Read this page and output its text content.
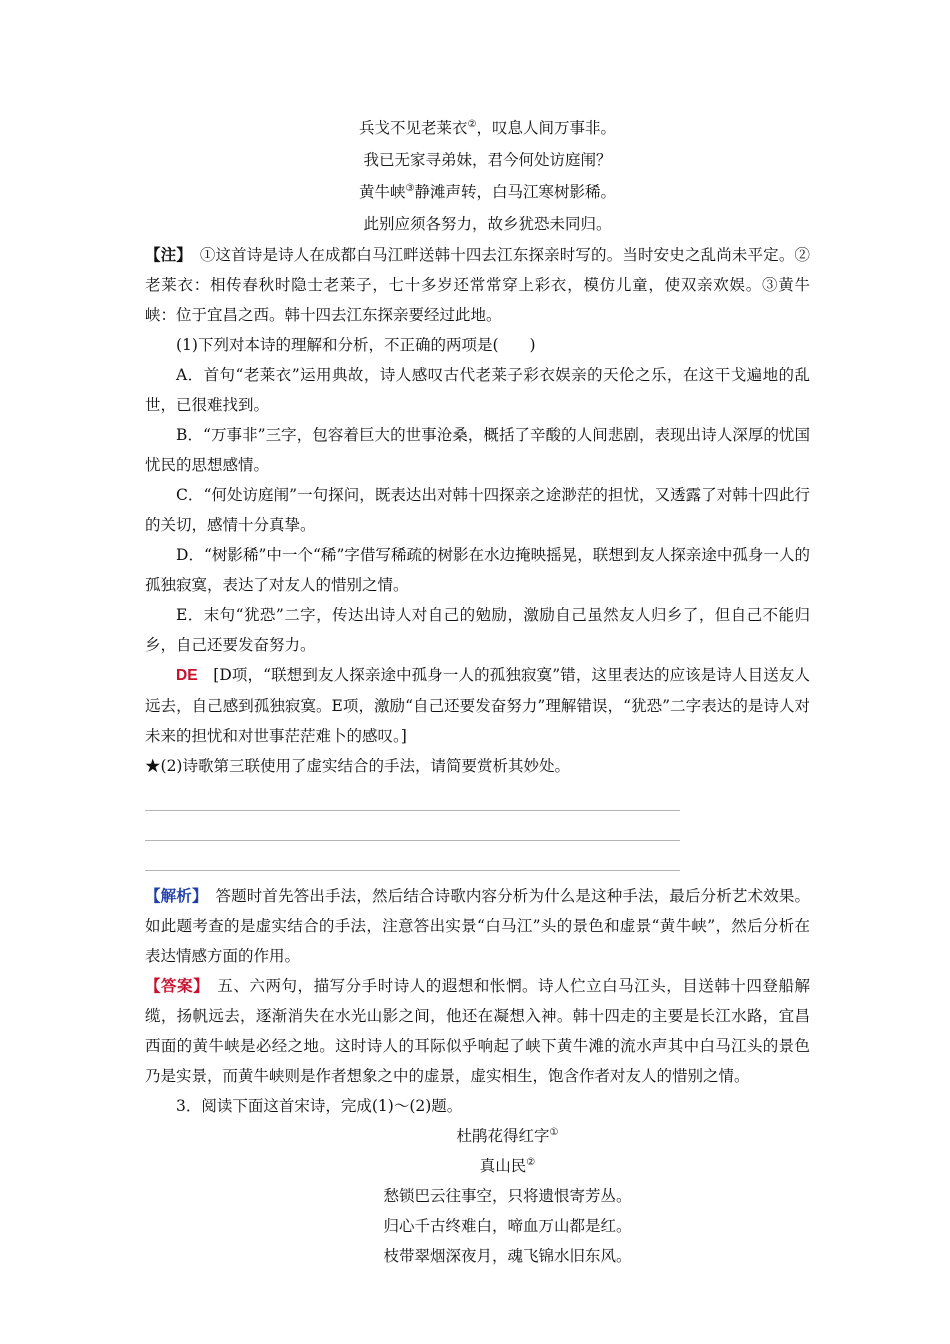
兵戈不见老莱衣②，叹息人间万事非。
我已无家寻弟妹，君今何处访庭闱？
黄牛峡③静滩声转，白马江寒树影稀。
此别应须各努力，故乡犹恐未同归。

【注】　①这首诗是诗人在成都白马江畔送韩十四去江东探亲时写的。当时安史之乱尚未平定。②老莱衣：相传春秋时隐士老莱子，七十多岁还常常穿上彩衣，模仿儿童，使双亲欢娱。③黄牛峡：位于宜昌之西。韩十四去江东探亲要经过此地。

(1)下列对本诗的理解和分析，不正确的两项是(　　)

A．首句“老莱衣”运用典故，诗人感叹古代老莱子彩衣娱亲的天伦之乐，在这干戈遍地的乱世，已很难找到。

B．“万事非”三字，包容着巨大的世事沧桑，概括了辛酸的人间悲剧，表现出诗人深厚的忧国忧民的思想感情。

C．“何处访庭闱”一句探问，既表达出对韩十四探亲之途渺茫的担忧，又透露了对韩十四此行的关切，感情十分真挚。

D．“树影稀”中一个“稀”字借写稀疏的树影在水边掩映摇晃，联想到友人探亲途中孤身一人的孤独寂寞，表达了对友人的惜别之情。

E．末句“犹恐”二字，传达出诗人对自己的勉励，激励自己虽然友人归乡了，但自己不能归乡，自己还要发奋努力。

DE　[D项，“联想到友人探亲途中孤身一人的孤独寂寞”错，这里表达的应该是诗人目送友人远去，自己感到孤独寂寞。E项，激励“自己还要发奋努力”理解错误，“犹恐”二字表达的是诗人对未来的担忧和对世事茫茫难卜的感叹。]

★(2)诗歌第三联使用了虚实结合的手法，请简要赏析其妙处。

【解析】　答题时首先答出手法，然后结合诗歌内容分析为什么是这种手法，最后分析艺术效果。如此题考查的是虚实结合的手法，注意答出实景“白马江”头的景色和虚景“黄牛峡”，然后分析在表达情感方面的作用。

【答案】　五、六两句，描写分手时诗人的遐想和怅惘。诗人伫立白马江头，目送韩十四登船解缆，扬帆远去，逐渐消失在水光山影之间，他还在凝想入神。韩十四走的主要是长江水路，宜昌西面的黄牛峡是必经之地。这时诗人的耳际似乎响起了峡下黄牛滩的流水声其中白马江头的景色乃是实景，而黄牛峡则是作者想象之中的虚景，虚实相生，饱含作者对友人的惜别之情。

3．阅读下面这首宋诗，完成(1)～(2)题。

杜鹃花得红字①
真山民②
愁锁巴云往事空，只将遗恨寄芳丛。
归心千古终难白，啼血万山都是红。
枝带翠烟深夜月，魂飞锦水旧东风。
